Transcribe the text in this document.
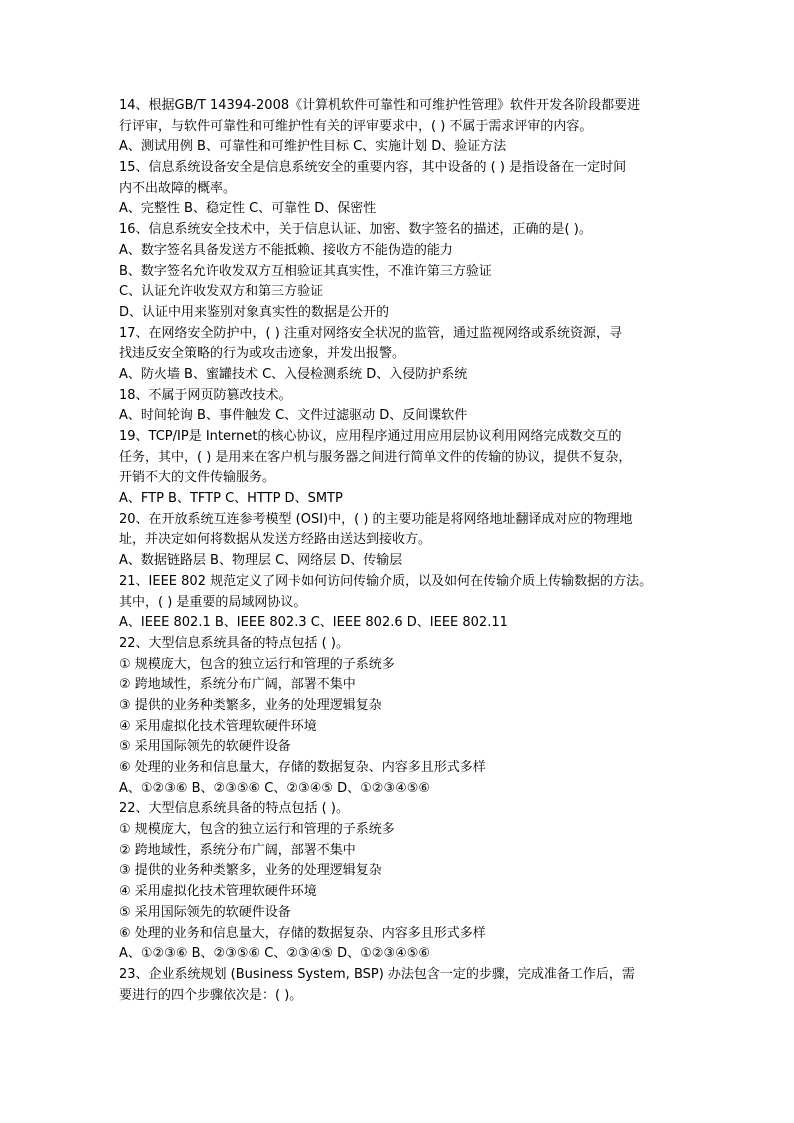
14、根据GB/T 14394-2008《计算机软件可靠性和可维护性管理》软件开发各阶段都要进
行评审，与软件可靠性和可维护性有关的评审要求中，( ) 不属于需求评审的内容。
A、测试用例 B、可靠性和可维护性目标 C、实施计划 D、验证方法
15、信息系统设备安全是信息系统安全的重要内容，其中设备的 ( ) 是指设备在一定时间
内不出故障的概率。
A、完整性 B、稳定性 C、可靠性 D、保密性
16、信息系统安全技术中，关于信息认证、加密、数字签名的描述，正确的是( )。
A、数字签名具备发送方不能抵赖、接收方不能伪造的能力
B、数字签名允许收发双方互相验证其真实性，不准许第三方验证
C、认证允许收发双方和第三方验证
D、认证中用来鉴别对象真实性的数据是公开的
17、在网络安全防护中，( ) 注重对网络安全状况的监管，通过监视网络或系统资源，寻
找违反安全策略的行为或攻击迹象，并发出报警。
A、防火墙 B、蜜罐技术 C、入侵检测系统 D、入侵防护系统
18、不属于网页防篡改技术。
A、时间轮询 B、事件触发 C、文件过滤驱动 D、反间谍软件
19、TCP/IP是 Internet的核心协议，应用程序通过用应用层协议利用网络完成数交互的
任务，其中，( ) 是用来在客户机与服务器之间进行简单文件的传输的协议，提供不复杂，
开销不大的文件传输服务。
A、FTP B、TFTP C、HTTP D、SMTP
20、在开放系统互连参考模型 (OSI)中，( ) 的主要功能是将网络地址翻译成对应的物理地
址，并决定如何将数据从发送方经路由送达到接收方。
A、数据链路层 B、物理层 C、网络层 D、传输层
21、IEEE 802 规范定义了网卡如何访问传输介质，以及如何在传输介质上传输数据的方法。
其中，( ) 是重要的局域网协议。
A、IEEE 802.1 B、IEEE 802.3 C、IEEE 802.6 D、IEEE 802.11
22、大型信息系统具备的特点包括 ( )。
① 规模庞大，包含的独立运行和管理的子系统多
② 跨地域性，系统分布广阔，部署不集中
③ 提供的业务种类繁多，业务的处理逻辑复杂
④ 采用虚拟化技术管理软硬件环境
⑤ 采用国际领先的软硬件设备
⑥ 处理的业务和信息量大，存储的数据复杂、内容多且形式多样
A、①②③⑥ B、②③⑤⑥ C、②③④⑤ D、①②③④⑤⑥
22、大型信息系统具备的特点包括 ( )。
① 规模庞大，包含的独立运行和管理的子系统多
② 跨地域性，系统分布广阔，部署不集中
③ 提供的业务种类繁多，业务的处理逻辑复杂
④ 采用虚拟化技术管理软硬件环境
⑤ 采用国际领先的软硬件设备
⑥ 处理的业务和信息量大，存储的数据复杂、内容多且形式多样
A、①②③⑥ B、②③⑤⑥ C、②③④⑤ D、①②③④⑤⑥
23、企业系统规划 (Business System, BSP) 办法包含一定的步骤，完成准备工作后，需
要进行的四个步骤依次是：( )。
